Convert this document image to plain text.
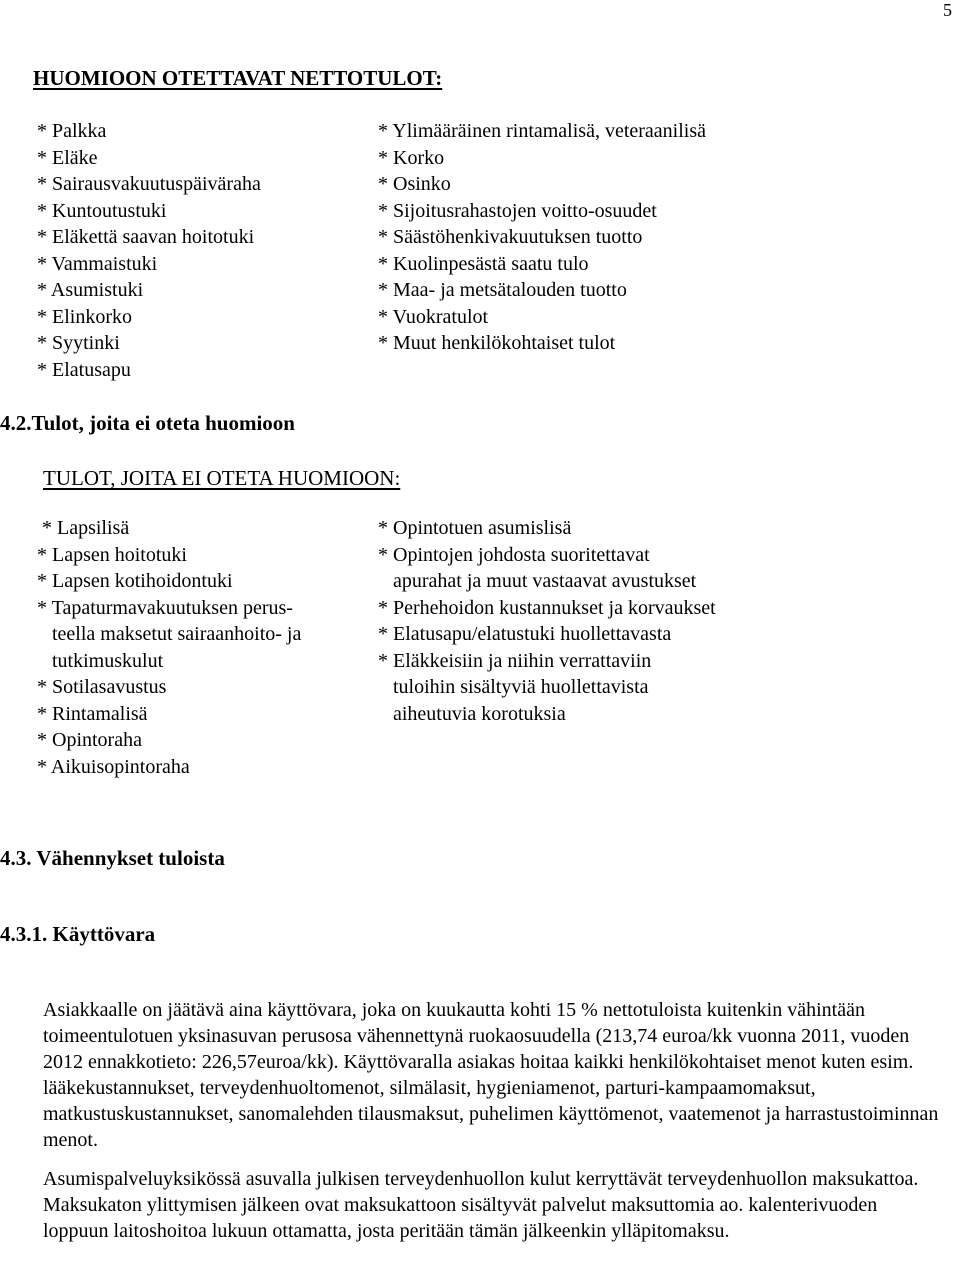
5
HUOMIOON OTETTAVAT NETTOTULOT:
* Palkka
* Eläke
* Sairausvakuutuspäiväraha
* Kuntoutustuki
* Eläkettä saavan hoitotuki
* Vammaistuki
* Asumistuki
* Elinkorko
* Syytinki
* Elatusapu
* Ylimääräinen rintamalisä, veteraanilisä
* Korko
* Osinko
* Sijoitusrahastojen voitto-osuudet
* Säästöhenkivakuutuksen tuotto
* Kuolinpesästä saatu tulo
* Maa- ja metsätalouden tuotto
* Vuokratulot
* Muut henkilökohtaiset tulot
4.2.Tulot, joita ei oteta huomioon
TULOT, JOITA EI OTETA HUOMIOON:
* Lapsilisä
* Lapsen hoitotuki
* Lapsen kotihoidontuki
* Tapaturmavakuutuksen perus-
teella maksetut sairaanhoito- ja
tutkimuskulut
* Sotilasavustus
* Rintamalisä
* Opintoraha
* Aikuisopintoraha
* Opintotuen asumislisä
* Opintojen johdosta suoritettavat
apurahat ja muut vastaavat avustukset
* Perhehoidon kustannukset ja korvaukset
* Elatusapu/elatustuki huollettavasta
* Eläkkeisiin ja niihin verrattaviin
tuloihin sisältyviä huollettavista
aiheutuvia korotuksia
4.3. Vähennykset tuloista
4.3.1. Käyttövara

Asiakkaalle on jäätävä aina käyttövara, joka on kuukautta kohti 15 % nettotuloista kuitenkin vähintään toimeentulotuen yksinasuvan perusosa vähennettynä ruokaosuudella (213,74 euroa/kk vuonna 2011, vuoden 2012 ennakkotieto: 226,57euroa/kk). Käyttövaralla asiakas hoitaa kaikki henkilökohtaiset menot kuten esim. lääkekustannukset, terveydenhuoltomenot, silmälasit, hygieniamenot, parturi-kampaamomaksut, matkustuskustannukset, sanomalehden tilausmaksut, puhelimen käyttömenot, vaatemenot ja harrastustoiminnan menot.

Asumispalveluyksikössä asuvalla julkisen terveydenhuollon kulut kerryttävät terveydenhuollon maksukattoa. Maksukaton ylittymisen jälkeen ovat maksukattoon sisältyvät palvelut maksuttomia ao. kalenterivuoden loppuun laitoshoitoa lukuun ottamatta, josta peritään tämän jälkeenkin ylläpitomaksu.
